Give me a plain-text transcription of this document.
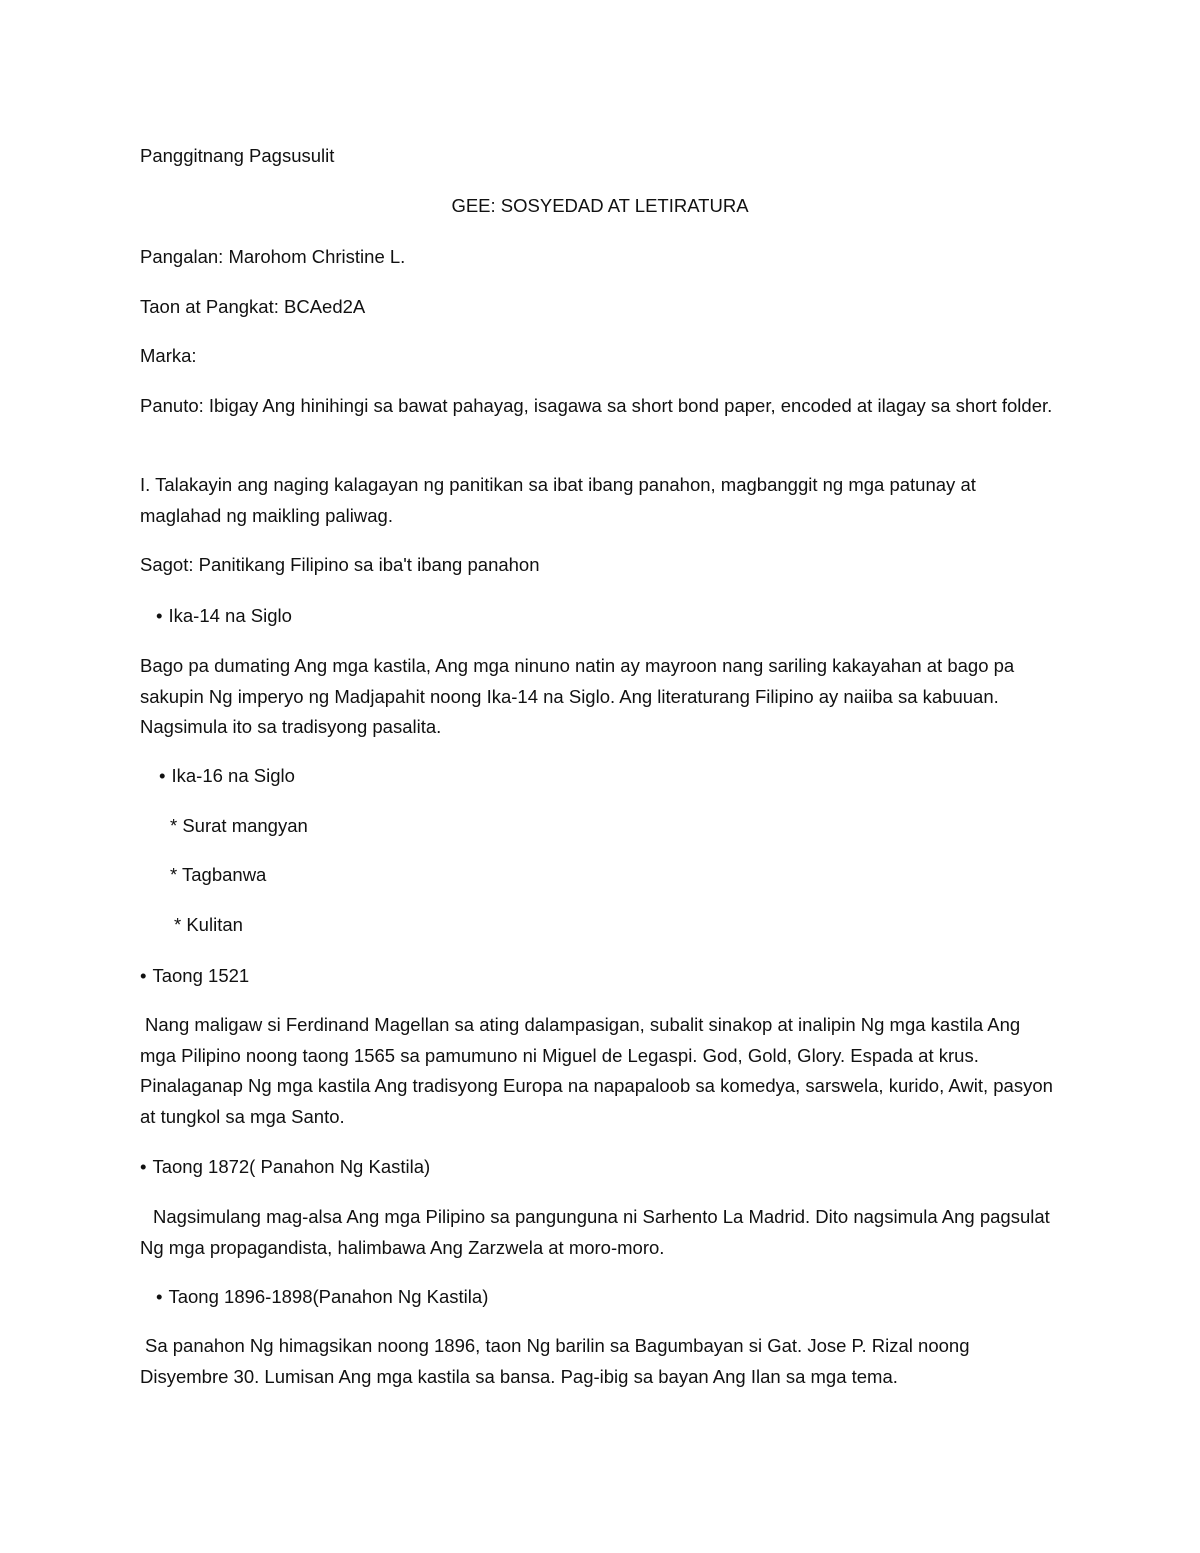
Panggitnang Pagsusulit

GEE: SOSYEDAD AT LETIRATURA

Pangalan: Marohom Christine L.

Taon at Pangkat: BCAed2A

Marka:

Panuto: Ibigay Ang hinihingi sa bawat pahayag, isagawa sa short bond paper, encoded at ilagay sa short folder.

I. Talakayin ang naging kalagayan ng panitikan sa ibat ibang panahon, magbanggit ng mga patunay at maglahad ng maikling paliwag.

Sagot: Panitikang Filipino sa iba't ibang panahon

• Ika-14 na Siglo

Bago pa dumating Ang mga kastila, Ang mga ninuno natin ay mayroon nang sariling kakayahan at bago pa sakupin Ng imperyo ng Madjapahit noong Ika-14 na Siglo. Ang literaturang Filipino ay naiiba sa kabuuan. Nagsimula ito sa tradisyong pasalita.

• Ika-16 na Siglo

* Surat mangyan

* Tagbanwa

* Kulitan

• Taong 1521

Nang maligaw si Ferdinand Magellan sa ating dalampasigan, subalit sinakop at inalipin Ng mga kastila Ang mga Pilipino noong taong 1565 sa pamumuno ni Miguel de Legaspi. God, Gold, Glory. Espada at krus. Pinalaganap Ng mga kastila Ang tradisyong Europa na napapaloob sa komedya, sarswela, kurido, Awit, pasyon at tungkol sa mga Santo.

• Taong 1872( Panahon Ng Kastila)

Nagsimulang mag-alsa Ang mga Pilipino sa pangunguna ni Sarhento La Madrid. Dito nagsimula Ang pagsulat Ng mga propagandista, halimbawa Ang Zarzwela at moro-moro.

• Taong 1896-1898(Panahon Ng Kastila)

Sa panahon Ng himagsikan noong 1896, taon Ng barilin sa Bagumbayan si Gat. Jose P. Rizal noong Disyembre 30. Lumisan Ang mga kastila sa bansa. Pag-ibig sa bayan Ang Ilan sa mga tema.
